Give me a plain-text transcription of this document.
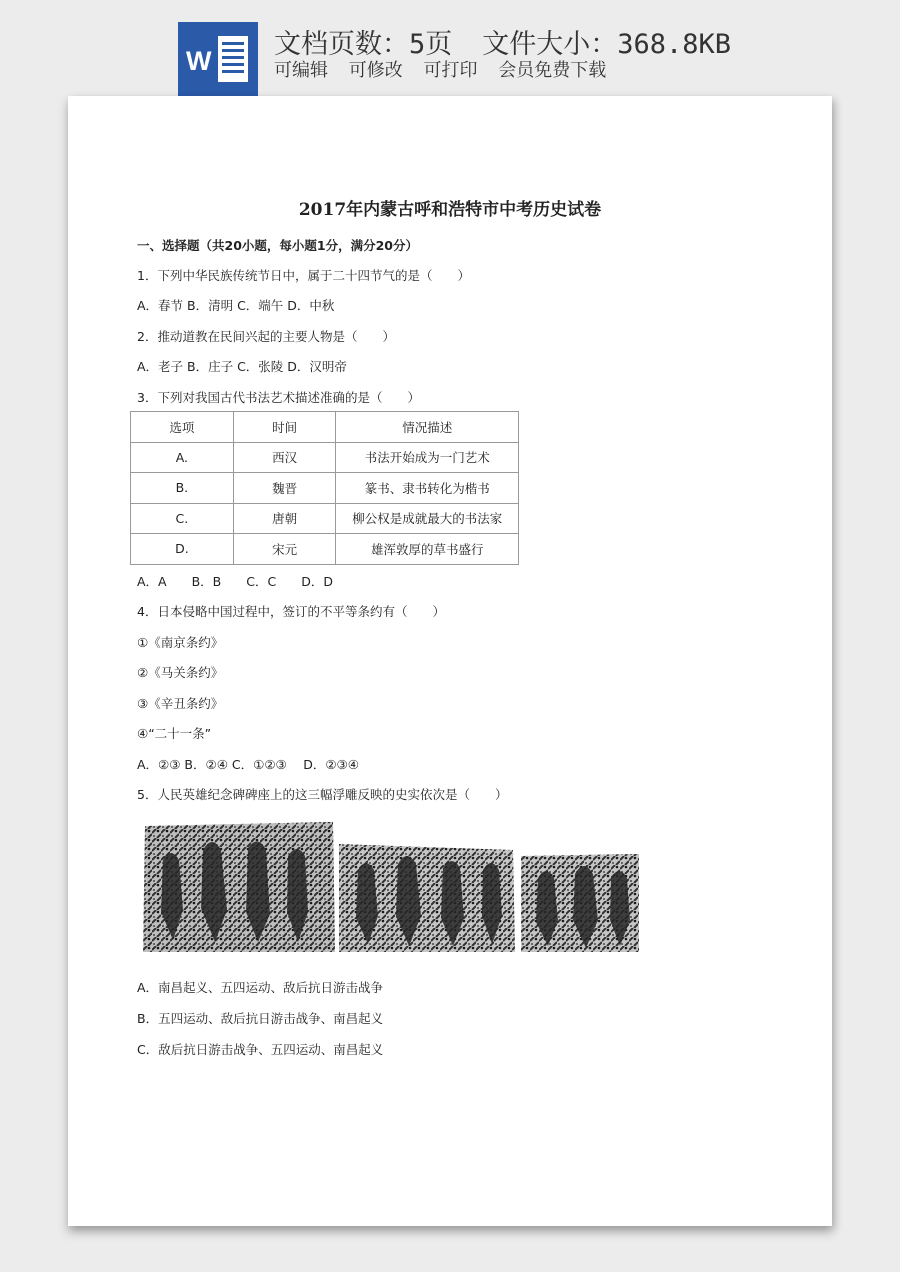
W
文档页数：5页 文件大小：368.8KB
可编辑 可修改 可打印 会员免费下载
2017年内蒙古呼和浩特市中考历史试卷
一、选择题（共20小题，每小题1分，满分20分）
1．下列中华民族传统节日中，属于二十四节气的是（　　）
A．春节 B．清明 C．端午 D．中秋
2．推动道教在民间兴起的主要人物是（　　）
A．老子 B．庄子 C．张陵 D．汉明帝
3．下列对我国古代书法艺术描述准确的是（　　）
选项	时间	情况描述
A.	西汉	书法开始成为一门艺术
B.	魏晋	篆书、隶书转化为楷书
C.	唐朝	柳公权是成就最大的书法家
D.	宋元	雄浑敦厚的草书盛行
A．A　　B．B　　C．C　　D．D
4．日本侵略中国过程中，签订的不平等条约有（　　）
①《南京条约》
②《马关条约》
③《辛丑条约》
④“二十一条”
A．②③ B．②④ C．①②③　 D．②③④
5．人民英雄纪念碑碑座上的这三幅浮雕反映的史实依次是（　　）
A．南昌起义、五四运动、敌后抗日游击战争
B．五四运动、敌后抗日游击战争、南昌起义
C．敌后抗日游击战争、五四运动、南昌起义
